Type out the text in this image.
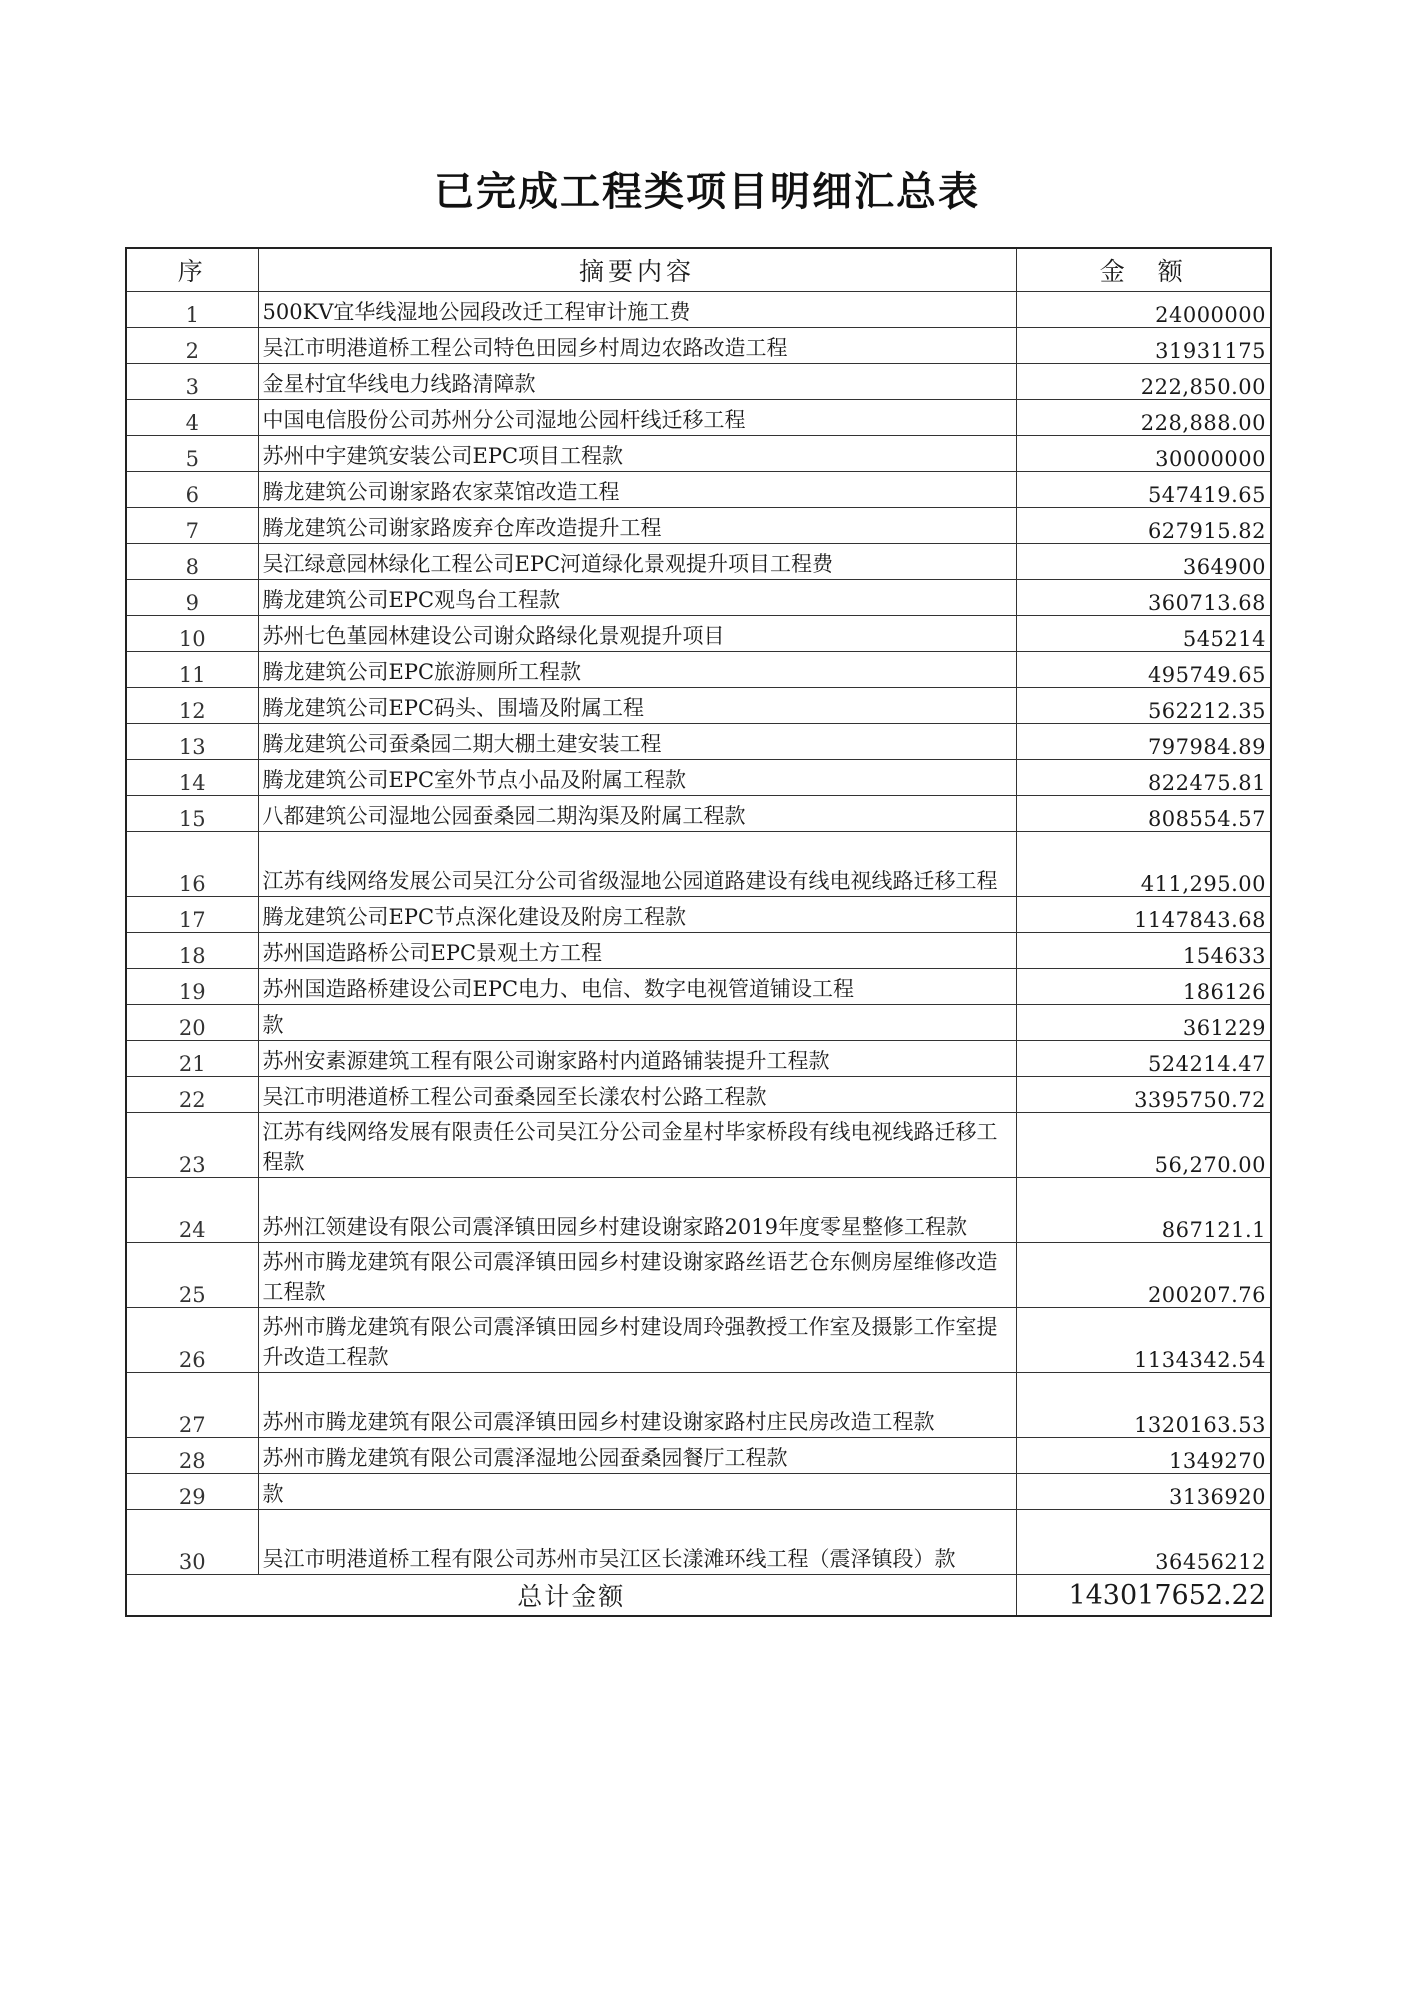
已完成工程类项目明细汇总表
序	摘要内容	金　额
1	500KV宜华线湿地公园段改迁工程审计施工费	24000000
2	吴江市明港道桥工程公司特色田园乡村周边农路改造工程	31931175
3	金星村宜华线电力线路清障款	222,850.00
4	中国电信股份公司苏州分公司湿地公园杆线迁移工程	228,888.00
5	苏州中宇建筑安装公司EPC项目工程款	30000000
6	腾龙建筑公司谢家路农家菜馆改造工程	547419.65
7	腾龙建筑公司谢家路废弃仓库改造提升工程	627915.82
8	吴江绿意园林绿化工程公司EPC河道绿化景观提升项目工程费	364900
9	腾龙建筑公司EPC观鸟台工程款	360713.68
10	苏州七色堇园林建设公司谢众路绿化景观提升项目	545214
11	腾龙建筑公司EPC旅游厕所工程款	495749.65
12	腾龙建筑公司EPC码头、围墙及附属工程	562212.35
13	腾龙建筑公司蚕桑园二期大棚土建安装工程	797984.89
14	腾龙建筑公司EPC室外节点小品及附属工程款	822475.81
15	八都建筑公司湿地公园蚕桑园二期沟渠及附属工程款	808554.57
16	江苏有线网络发展公司吴江分公司省级湿地公园道路建设有线电视线路迁移工程	411,295.00
17	腾龙建筑公司EPC节点深化建设及附房工程款	1147843.68
18	苏州国造路桥公司EPC景观土方工程	154633
19	苏州国造路桥建设公司EPC电力、电信、数字电视管道铺设工程	186126
20	款	361229
21	苏州安素源建筑工程有限公司谢家路村内道路铺装提升工程款	524214.47
22	吴江市明港道桥工程公司蚕桑园至长漾农村公路工程款	3395750.72
23	江苏有线网络发展有限责任公司吴江分公司金星村毕家桥段有线电视线路迁移工程款	56,270.00
24	苏州江领建设有限公司震泽镇田园乡村建设谢家路2019年度零星整修工程款	867121.1
25	苏州市腾龙建筑有限公司震泽镇田园乡村建设谢家路丝语艺仓东侧房屋维修改造工程款	200207.76
26	苏州市腾龙建筑有限公司震泽镇田园乡村建设周玲强教授工作室及摄影工作室提升改造工程款	1134342.54
27	苏州市腾龙建筑有限公司震泽镇田园乡村建设谢家路村庄民房改造工程款	1320163.53
28	苏州市腾龙建筑有限公司震泽湿地公园蚕桑园餐厅工程款	1349270
29	款	3136920
30	吴江市明港道桥工程有限公司苏州市吴江区长漾滩环线工程（震泽镇段）款	36456212
总计金额		143017652.22
